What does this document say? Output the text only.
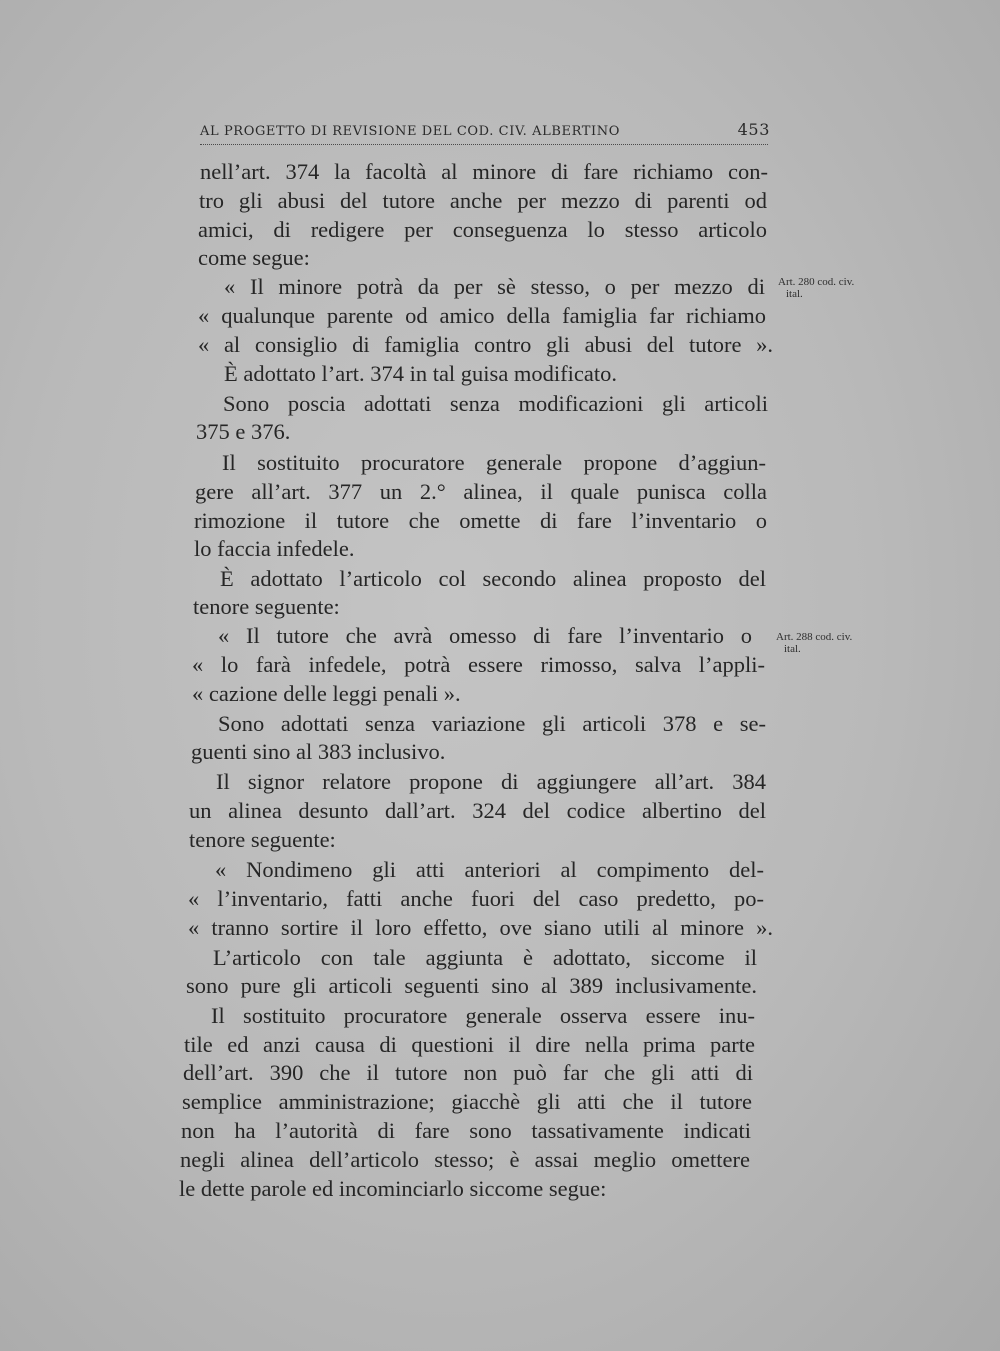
AL PROGETTO DI REVISIONE DEL COD. CIV. ALBERTINO	453
nell’art. 374 la facoltà al minore di fare richiamo con-
tro gli abusi del tutore anche per mezzo di parenti od
amici, di redigere per conseguenza lo stesso articolo
come segue:
« Il minore potrà da per sè stesso, o per mezzo di
« qualunque parente od amico della famiglia far richiamo
« al consiglio di famiglia contro gli abusi del tutore ».
È adottato l’art. 374 in tal guisa modificato.
Sono poscia adottati senza modificazioni gli articoli
375 e 376.
Il sostituito procuratore generale propone d’aggiun-
gere all’art. 377 un 2.° alinea, il quale punisca colla
rimozione il tutore che omette di fare l’inventario o
lo faccia infedele.
È adottato l’articolo col secondo alinea proposto del
tenore seguente:
« Il tutore che avrà omesso di fare l’inventario o
« lo farà infedele, potrà essere rimosso, salva l’appli-
« cazione delle leggi penali ».
Sono adottati senza variazione gli articoli 378 e se-
guenti sino al 383 inclusivo.
Il signor relatore propone di aggiungere all’art. 384
un alinea desunto dall’art. 324 del codice albertino del
tenore seguente:
« Nondimeno gli atti anteriori al compimento del-
« l’inventario, fatti anche fuori del caso predetto, po-
« tranno sortire il loro effetto, ove siano utili al minore ».
L’articolo con tale aggiunta è adottato, siccome il
sono pure gli articoli seguenti sino al 389 inclusivamente.
Il sostituito procuratore generale osserva essere inu-
tile ed anzi causa di questioni il dire nella prima parte
dell’art. 390 che il tutore non può far che gli atti di
semplice amministrazione; giacchè gli atti che il tutore
non ha l’autorità di fare sono tassativamente indicati
negli alinea dell’articolo stesso; è assai meglio omettere
le dette parole ed incominciarlo siccome segue:
Art. 280 cod. civ.
ital.
Art. 288 cod. civ.
ital.
